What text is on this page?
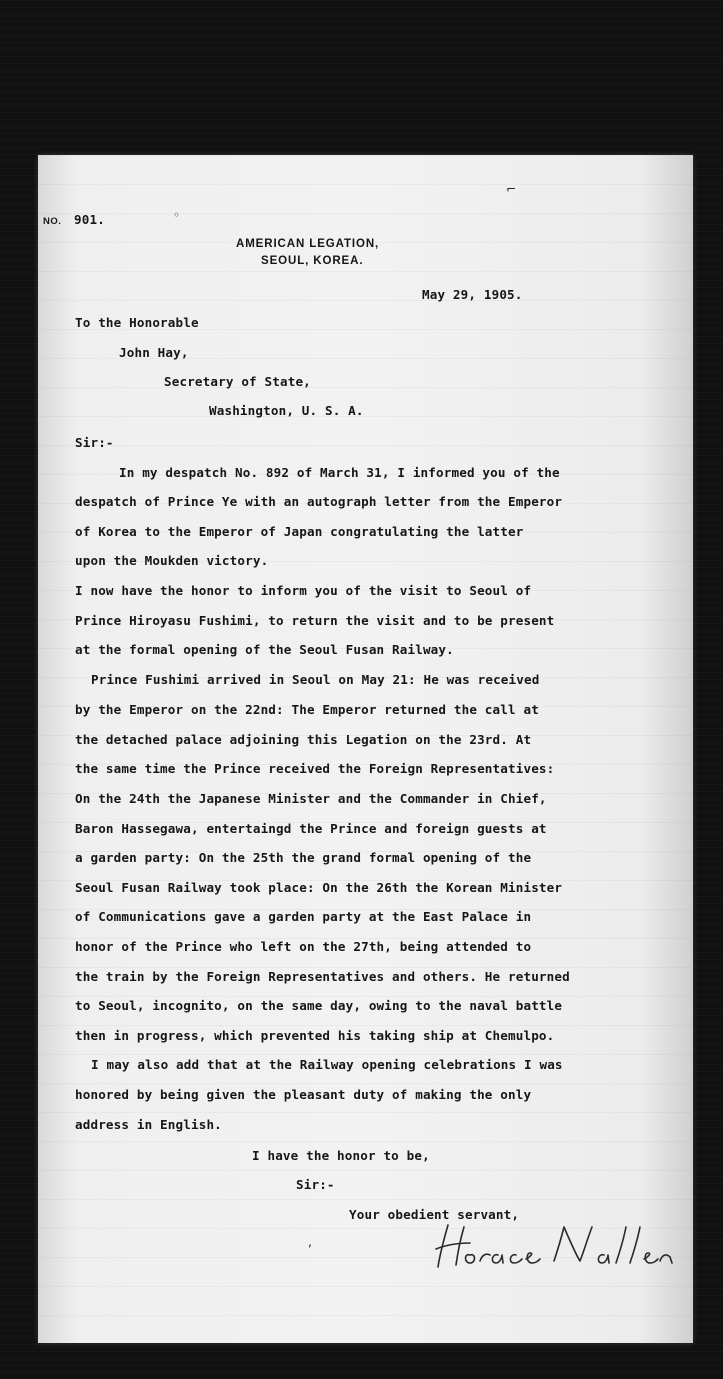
NO. 901.	◦
⌐
AMERICAN LEGATION,
SEOUL, KOREA.
May 29, 1905.
To the Honorable
John Hay,
Secretary of State,
Washington, U. S. A.
Sir:-
In my despatch No. 892 of March 31, I informed you of the
despatch of Prince Ye with an autograph letter from the Emperor
of Korea to the Emperor of Japan congratulating the latter
upon the Moukden victory.
I now have the honor to inform you of the visit to Seoul of
Prince Hiroyasu Fushimi, to return the visit and to be present
at the formal opening of the Seoul Fusan Railway.
Prince Fushimi arrived in Seoul on May 21: He was received
by the Emperor on the 22nd: The Emperor returned the call at
the detached palace adjoining this Legation on the 23rd. At
the same time the Prince received the Foreign Representatives:
On the 24th the Japanese Minister and the Commander in Chief,
Baron Hassegawa, entertaingd the Prince and foreign guests at
a garden party: On the 25th the grand formal opening of the
Seoul Fusan Railway took place: On the 26th the Korean Minister
of Communications gave a garden party at the East Palace in
honor of the Prince who left on the 27th, being attended to
the train by the Foreign Representatives and others. He returned
to Seoul, incognito, on the same day, owing to the naval battle
then in progress, which prevented his taking ship at Chemulpo.
I may also add that at the Railway opening celebrations I was
honored by being given the pleasant duty of making the only
address in English.
I have the honor to be,
Sir:-
Your obedient servant,
‚
